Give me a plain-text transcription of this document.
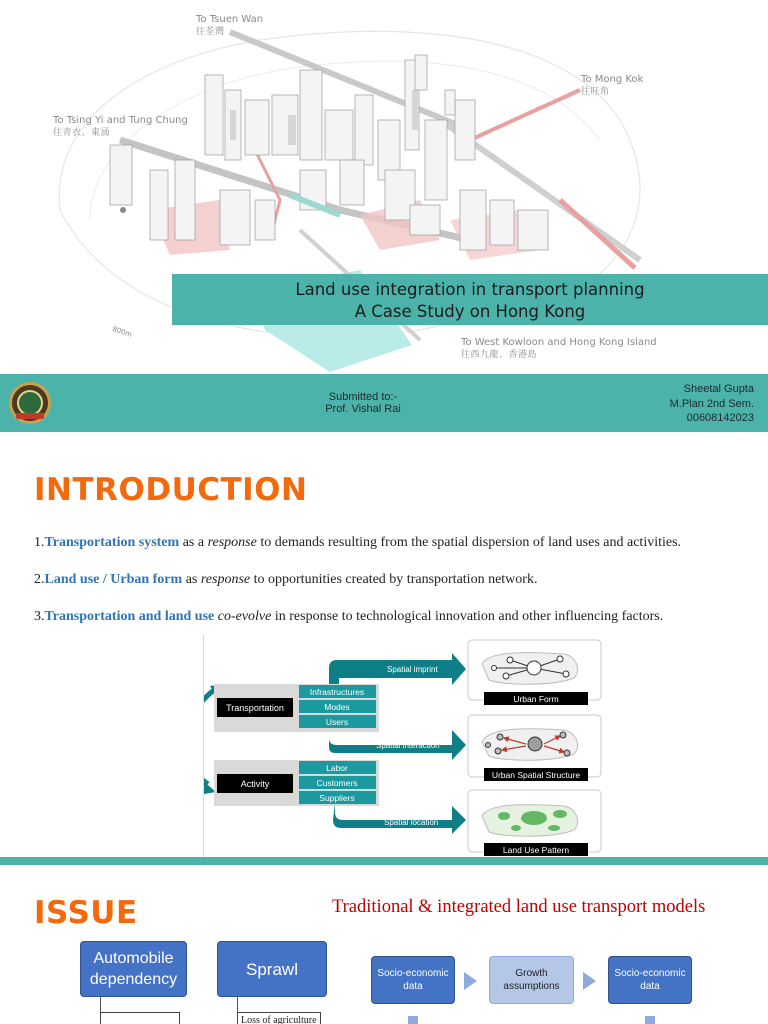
To Tsuen Wan
往荃灣
To Mong Kok
往旺角
To Tsing Yi and Tung Chung
往青衣、東涌
To West Kowloon and Hong Kong Island
往西九龍、香港島
800m
Land use integration in transport planning
A Case Study on Hong Kong
Submitted to:-
Prof. Vishal Rai
Sheetal Gupta
M.Plan 2nd Sem.
00608142023
INTRODUCTION
1.Transportation system as a response to demands resulting from the spatial dispersion of land uses and activities.
2.Land use / Urban form as response to opportunities created by transportation network.
3.Transportation and land use co-evolve in response to technological innovation and other influencing factors.
Spatial imprint
Spatial interaction
Spatial location
Transportation
Infrastructures
Modes
Users
Activity
Labor
Customers
Suppliers
Urban Form
Urban Spatial Structure
Land Use Pattern
ISSUE	Traditional & integrated land use transport models
Automobile dependency
Sprawl
Loss of agriculture
Socio-economic data
Growth assumptions
Socio-economic data
